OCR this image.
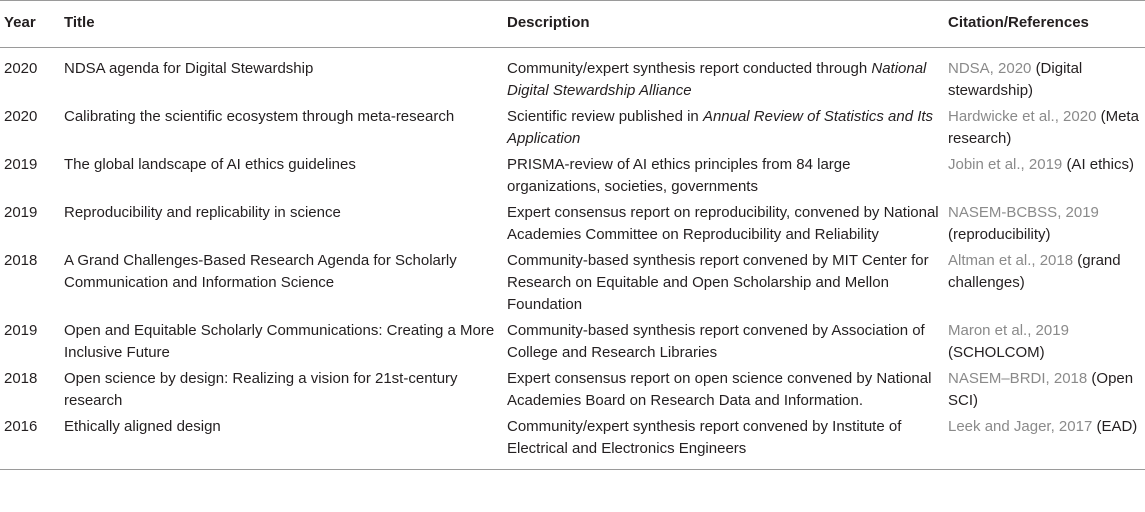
Year	Title	Description	Citation/References
2020	NDSA agenda for Digital Stewardship	Community/expert synthesis report conducted through National Digital Stewardship Alliance	NDSA, 2020 (Digital stewardship)
2020	Calibrating the scientific ecosystem through meta-research	Scientific review published in Annual Review of Statistics and Its Application	Hardwicke et al., 2020 (Meta research)
2019	The global landscape of AI ethics guidelines	PRISMA-review of AI ethics principles from 84 large organizations, societies, governments	Jobin et al., 2019 (AI ethics)
2019	Reproducibility and replicability in science	Expert consensus report on reproducibility, convened by National Academies Committee on Reproducibility and Reliability	NASEM-BCBSS, 2019 (reproducibility)
2018	A Grand Challenges-Based Research Agenda for Scholarly Communication and Information Science	Community-based synthesis report convened by MIT Center for Research on Equitable and Open Scholarship and Mellon Foundation	Altman et al., 2018 (grand challenges)
2019	Open and Equitable Scholarly Communications: Creating a More Inclusive Future	Community-based synthesis report convened by Association of College and Research Libraries	Maron et al., 2019 (SCHOLCOM)
2018	Open science by design: Realizing a vision for 21st-century research	Expert consensus report on open science convened by National Academies Board on Research Data and Information.	NASEM–BRDI, 2018 (Open SCI)
2016	Ethically aligned design	Community/expert synthesis report convened by Institute of Electrical and Electronics Engineers	Leek and Jager, 2017 (EAD)
